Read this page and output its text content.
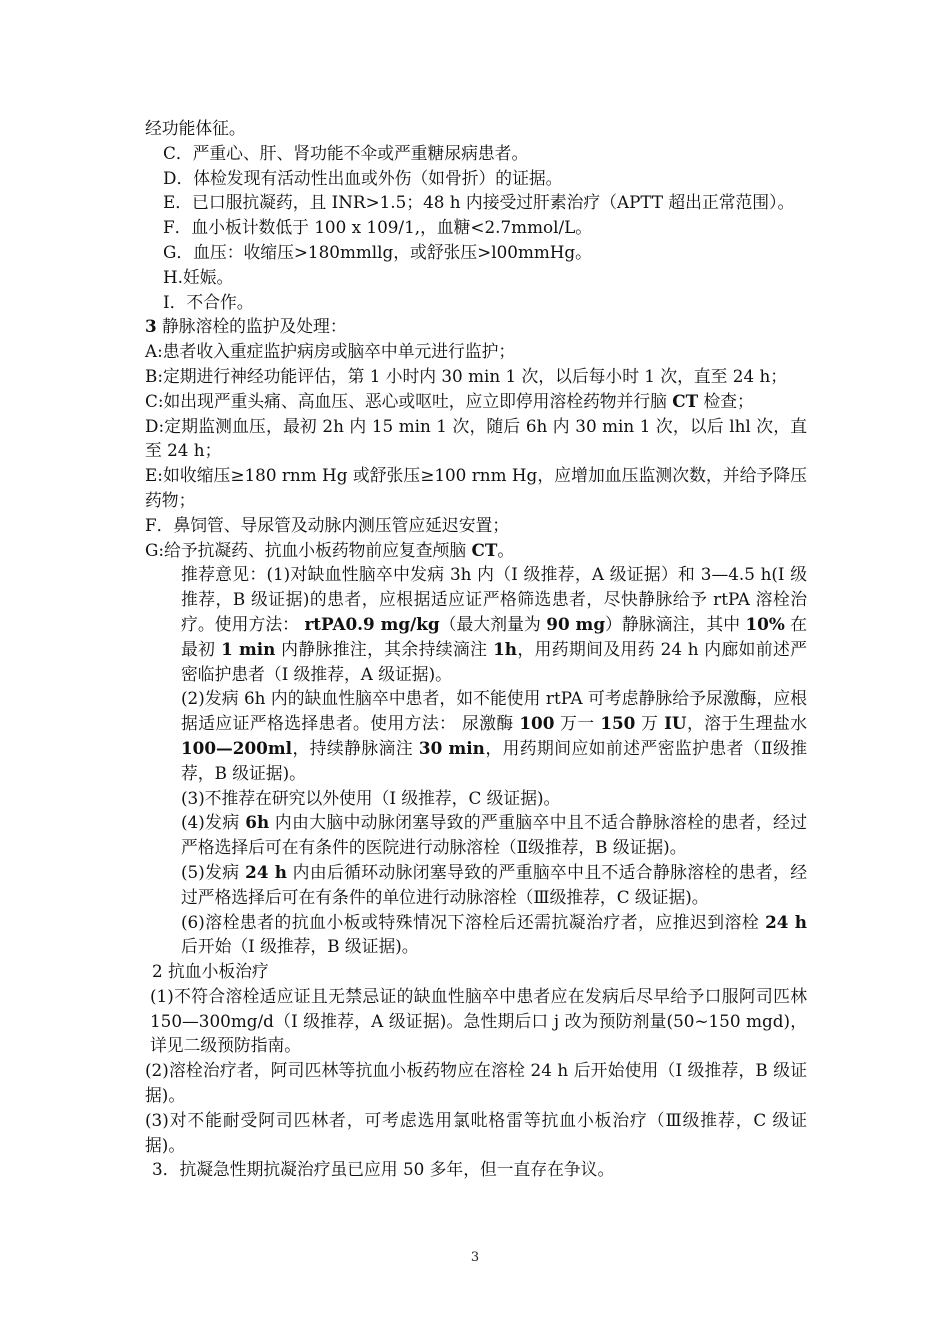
经功能体征。
C．严重心、肝、肾功能不伞或严重糖尿病患者。
D．体检发现有活动性出血或外伤（如骨折）的证据。
E．已口服抗凝药，且 INR>1.5；48 h 内接受过肝素治疗（APTT 超出正常范围）。
F．血小板计数低于 100 x 109/1,，血糖<2.7mmol/L。
G．血压：收缩压>180mmllg，或舒张压>l00mmHg。
H.妊娠。
I．不合作。
3 静脉溶栓的监护及处理：
A:患者收入重症监护病房或脑卒中单元进行监护；
B:定期进行神经功能评估，第 1 小时内 30 min 1 次，以后每小时 1 次，直至 24 h；
C:如出现严重头痛、高血压、恶心或呕吐，应立即停用溶栓药物并行脑 CT 检查；
D:定期监测血压，最初 2h 内 15 min 1 次，随后 6h 内 30 min 1 次，以后 lhl 次，直至 24 h；
E:如收缩压≥180 rnm Hg 或舒张压≥100 rnm Hg，应增加血压监测次数，并给予降压药物；
F．鼻饲管、导尿管及动脉内测压管应延迟安置；
G:给予抗凝药、抗血小板药物前应复查颅脑 CT。
推荐意见：(1)对缺血性脑卒中发病 3h 内（I 级推荐，A 级证据）和 3—4.5 h(I 级推荐，B 级证据)的患者，应根据适应证严格筛选患者，尽快静脉给予 rtPA 溶栓治疗。使用方法： rtPA0.9 mg/kg（最大剂量为 90 mg）静脉滴注，其中 10% 在最初 1 min 内静脉推注，其余持续滴注 1h，用药期间及用药 24 h 内廊如前述严密临护患者（I 级推荐，A 级证据)。
(2)发病 6h 内的缺血性脑卒中患者，如不能使用 rtPA 可考虑静脉给予尿激酶，应根据适应证严格选择患者。使用方法： 尿激酶 100 万一 150 万 IU，溶于生理盐水 100—200ml，持续静脉滴注 30 min，用药期间应如前述严密监护患者（Ⅱ级推荐，B 级证据)。
(3)不推荐在研究以外使用（I 级推荐，C 级证据)。
(4)发病 6h 内由大脑中动脉闭塞导致的严重脑卒中且不适合静脉溶栓的患者，经过严格选择后可在有条件的医院进行动脉溶栓（Ⅱ级推荐，B 级证据)。
(5)发病 24 h 内由后循环动脉闭塞导致的严重脑卒中且不适合静脉溶栓的患者，经过严格选择后可在有条件的单位进行动脉溶栓（Ⅲ级推荐，C 级证据)。
(6)溶栓患者的抗血小板或特殊情况下溶栓后还需抗凝治疗者，应推迟到溶栓 24 h 后开始（I 级推荐，B 级证据)。
2 抗血小板治疗
(1)不符合溶栓适应证且无禁忌证的缺血性脑卒中患者应在发病后尽早给予口服阿司匹林 150—300mg/d（I 级推荐，A 级证据)。急性期后口 j 改为预防剂量(50~150 mgd)，详见二级预防指南。
(2)溶栓治疗者，阿司匹林等抗血小板药物应在溶栓 24 h 后开始使用（I 级推荐，B 级证据)。
(3)对不能耐受阿司匹林者，可考虑选用氯吡格雷等抗血小板治疗（Ⅲ级推荐，C 级证据)。
3．抗凝急性期抗凝治疗虽已应用 50 多年，但一直存在争议。
3
